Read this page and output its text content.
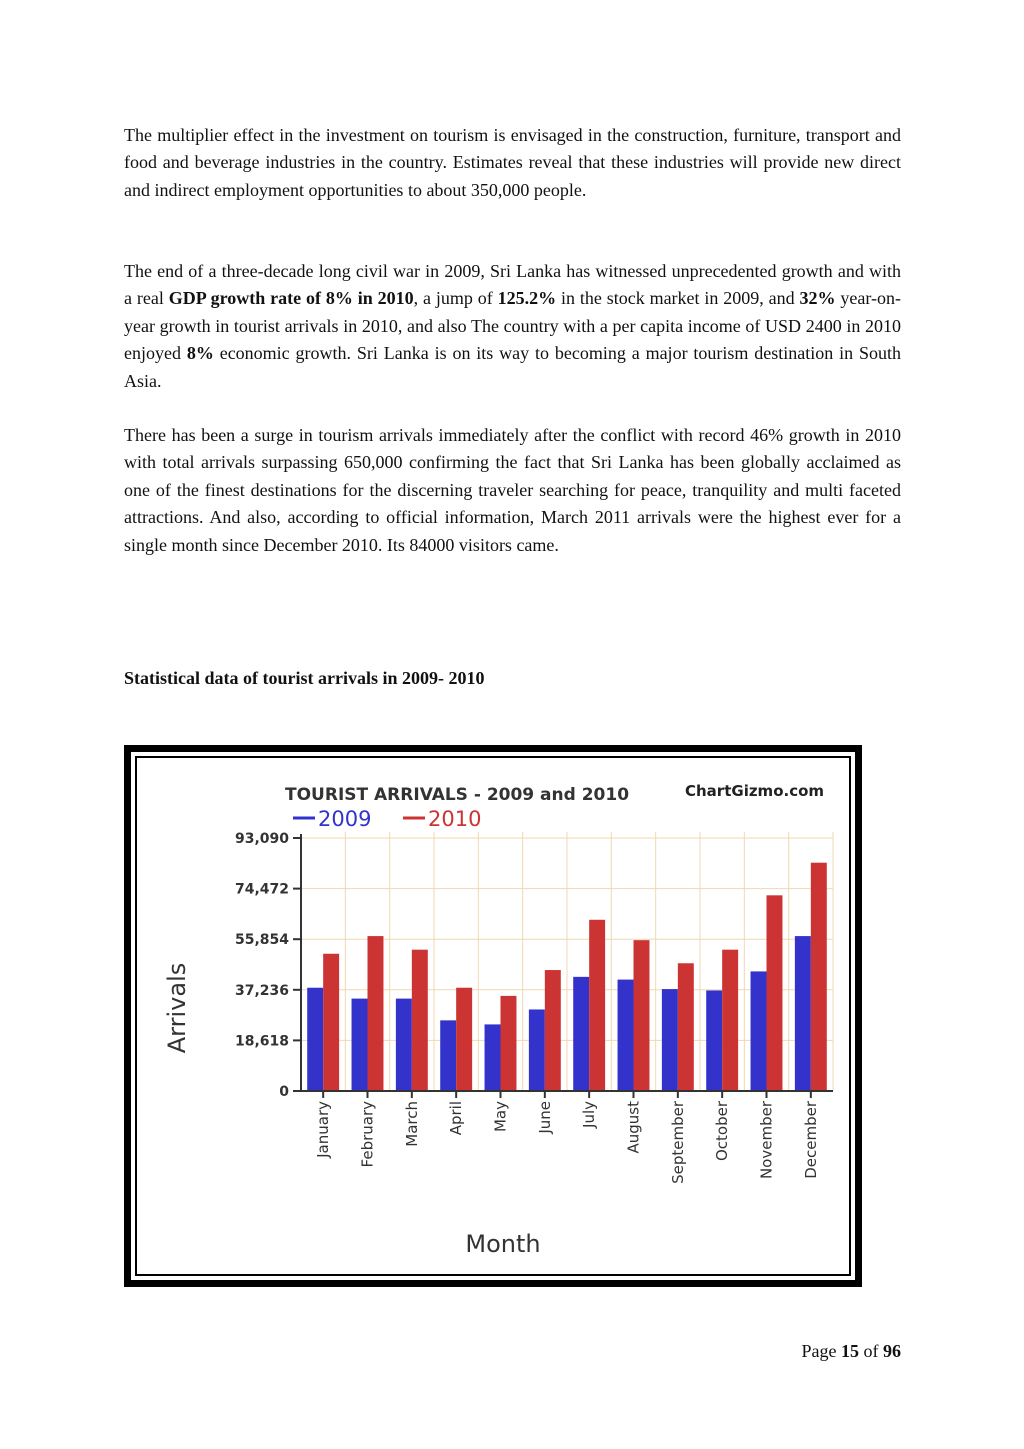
The multiplier effect in the investment on tourism is envisaged in the construction, furniture, transport and food and beverage industries in the country. Estimates reveal that these industries will provide new direct and indirect employment opportunities to about 350,000 people.

The end of a three-decade long civil war in 2009, Sri Lanka has witnessed unprecedented growth and with a real GDP growth rate of 8% in 2010, a jump of 125.2% in the stock market in 2009, and 32% year-on-year growth in tourist arrivals in 2010, and also The country with a per capita income of USD 2400 in 2010 enjoyed 8% economic growth. Sri Lanka is on its way to becoming a major tourism destination in South Asia.

There has been a surge in tourism arrivals immediately after the conflict with record 46% growth in 2010 with total arrivals surpassing 650,000 confirming the fact that Sri Lanka has been globally acclaimed as one of the finest destinations for the discerning traveler searching for peace, tranquility and multi faceted attractions. And also, according to official information, March 2011 arrivals were the highest ever for a single month since December 2010. Its 84000 visitors came.

Statistical data of tourist arrivals in 2009- 2010

TOURIST ARRIVALS - 2009 and 2010	ChartGizmo.com
2009	2010
0
18,618
37,236
55,854
74,472
93,090
January February March April May June July August September October November December
Arrivals
Month
Page 15 of 96
